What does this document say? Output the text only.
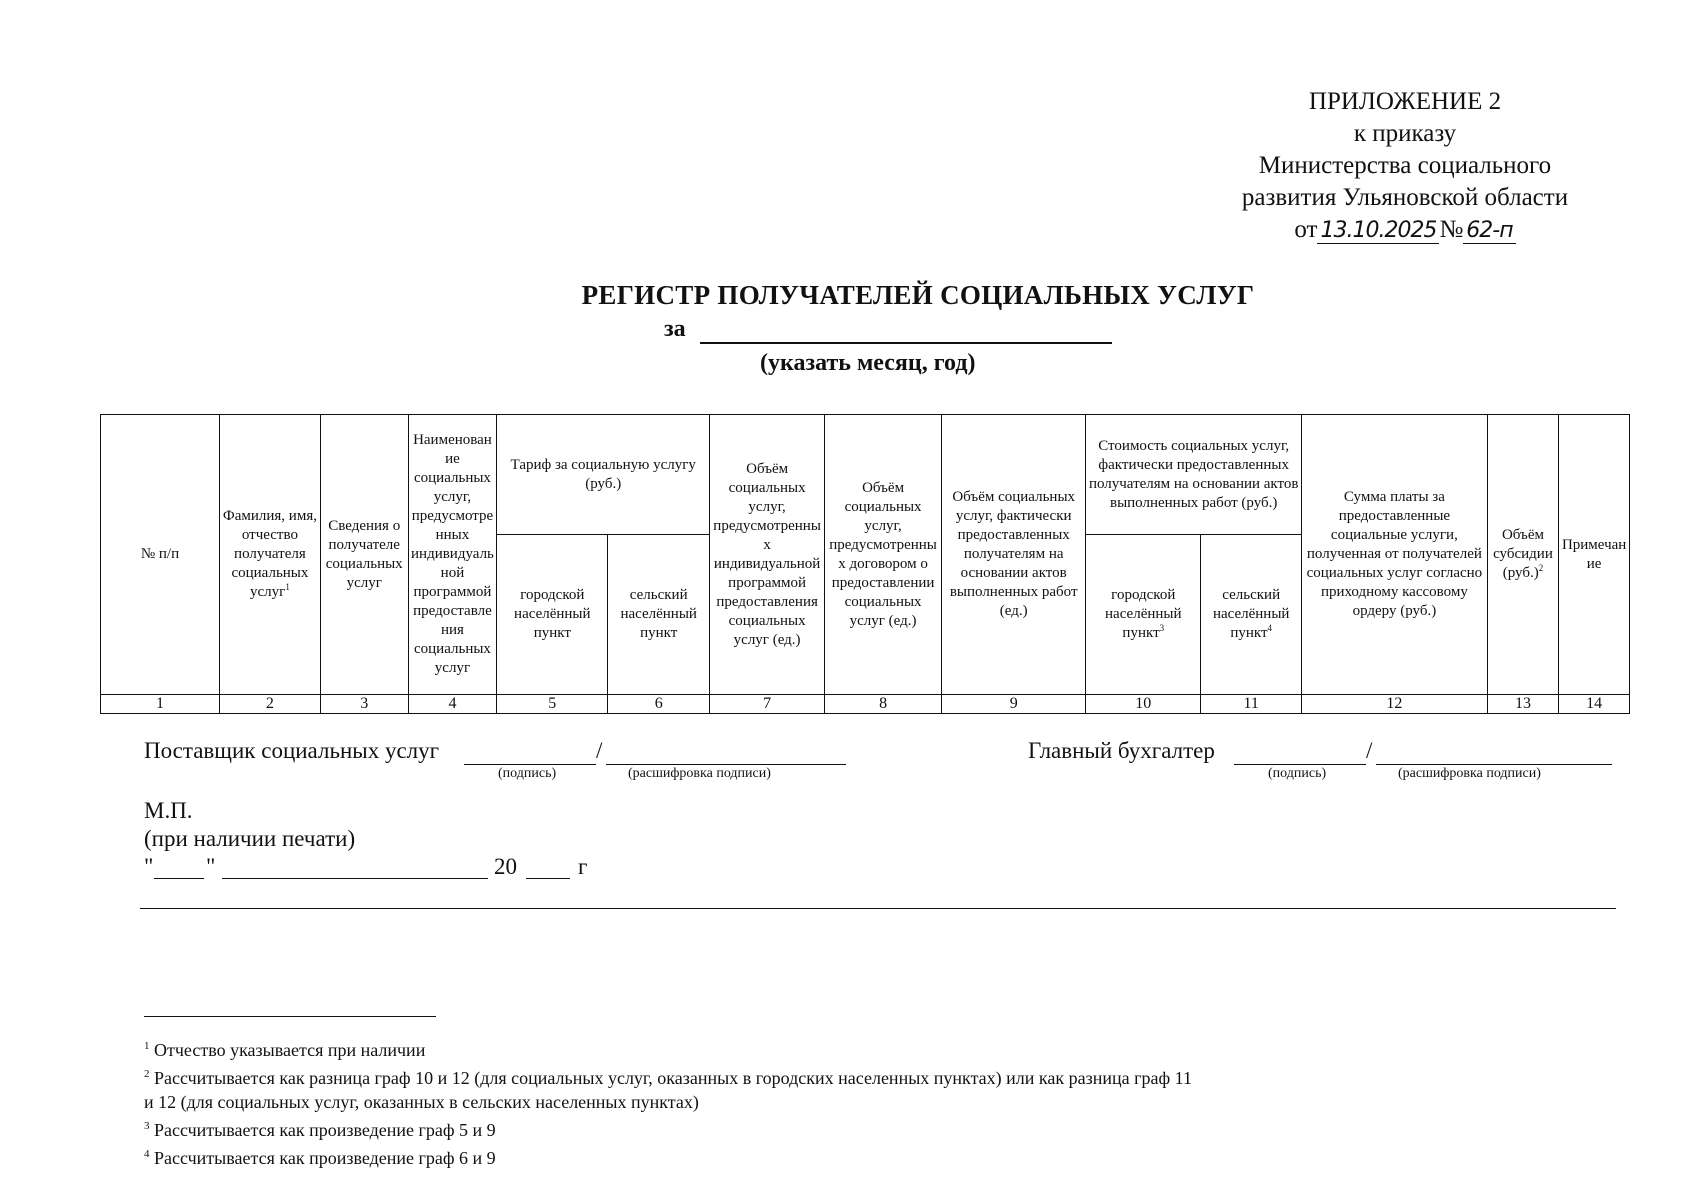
ПРИЛОЖЕНИЕ 2
к приказу
Министерства социального
развития Ульяновской области
от 13.10.2025 № 62-п
РЕГИСТР ПОЛУЧАТЕЛЕЙ СОЦИАЛЬНЫХ УСЛУГ
за
(указать месяц, год)
№ п/п	Фамилия, имя, отчество получателя социальных услуг$^1$	Сведения о получателе социальных услуг	Наименование социальных услуг, предусмотренных индивидуальной программой предоставления социальных услуг	Тариф за социальную услугу (руб.)		Объём социальных услуг, предусмотренных индивидуальной программой предоставления социальных услуг (ед.)	Объём социальных услуг, предусмотренных договором о предоставлении социальных услуг (ед.)	Объём социальных услуг, фактически предоставленных получателям на основании актов выполненных работ (ед.)	Стоимость социальных услуг, фактически предоставленных получателям на основании актов выполненных работ (руб.)		Сумма платы за предоставленные социальные услуги, полученная от получателей социальных услуг согласно приходному кассовому ордеру (руб.)	Объём субсидии $(руб.)^2$	Примечание
				городской населённый пункт	сельский населённый пункт				городской населённый пункт$^3$	сельский населённый пункт$^4$
1	2	3	4	5	6	7	8	9	10	11	12	13	14
Поставщик социальных услуг	/
(подпись)	(расшифровка подписи)
Главный бухгалтер	/
(подпись)	(расшифровка подписи)
М.П.
(при наличии печати)
" "	20	г

$^1$ Отчество указывается при наличии

$^2$ Рассчитывается как разница граф 10 и 12 (для социальных услуг, оказанных в городских населенных пунктах) или как разница граф 11

и 12 (для социальных услуг, оказанных в сельских населенных пунктах)

$^3$ Рассчитывается как произведение граф 5 и 9

$^4$ Рассчитывается как произведение граф 6 и 9
